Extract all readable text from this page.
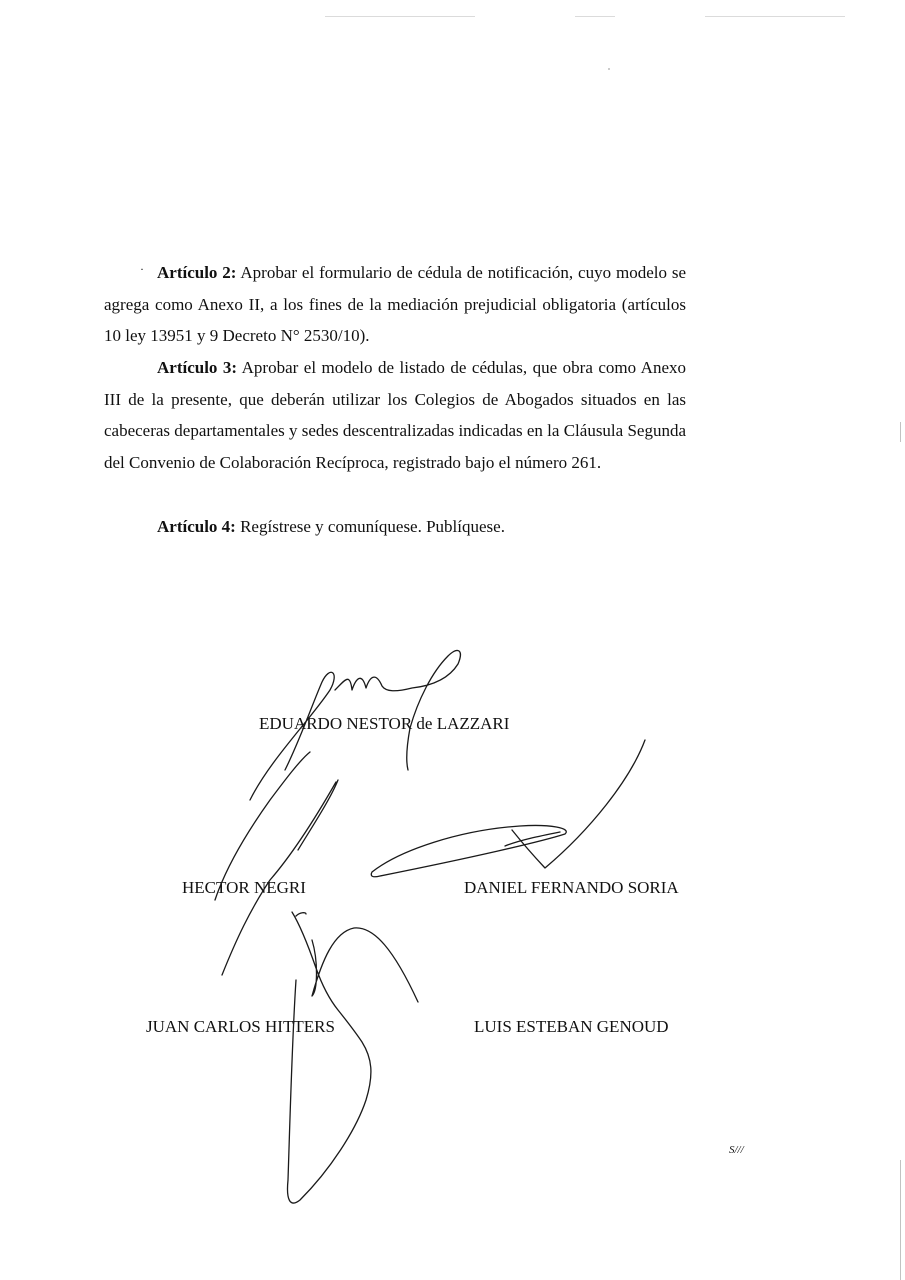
· Artículo 2: Aprobar el formulario de cédula de notificación, cuyo modelo se agrega como Anexo II, a los fines de la mediación prejudicial obligatoria (artículos 10 ley 13951 y 9 Decreto N° 2530/10).

Artículo 3: Aprobar el modelo de listado de cédulas, que obra como Anexo III de la presente, que deberán utilizar los Colegios de Abogados situados en las cabeceras departamentales y sedes descentralizadas indicadas en la Cláusula Segunda del Convenio de Colaboración Recíproca, registrado bajo el número 261.

Artículo 4: Regístrese y comuníquese. Publíquese.

EDUARDO NESTOR de LAZZARI
HECTOR NEGRI	DANIEL FERNANDO SORIA
JUAN CARLOS HITTERS	LUIS ESTEBAN GENOUD
S///
